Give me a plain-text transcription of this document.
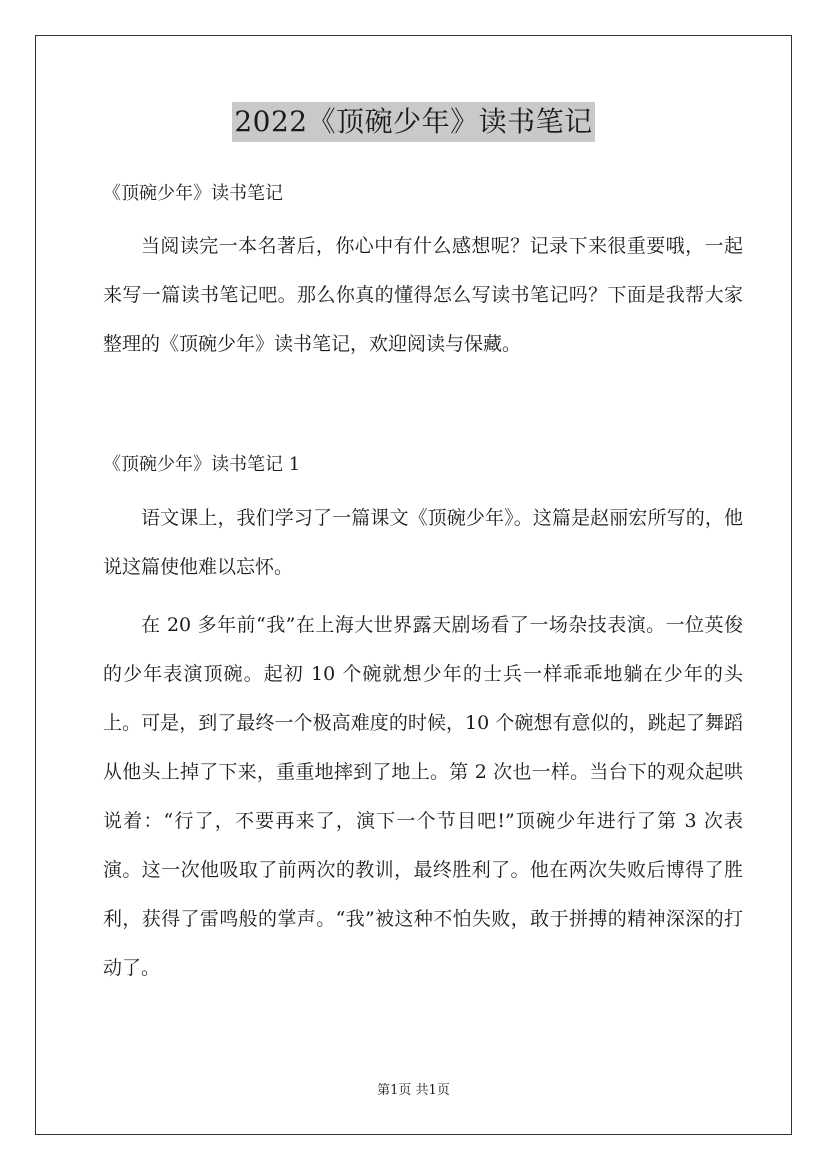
2022《顶碗少年》读书笔记
《顶碗少年》读书笔记
当阅读完一本名著后，你心中有什么感想呢？记录下来很重要哦，一起来写一篇读书笔记吧。那么你真的懂得怎么写读书笔记吗？下面是我帮大家整理的《顶碗少年》读书笔记，欢迎阅读与保藏。
《顶碗少年》读书笔记 1
语文课上，我们学习了一篇课文《顶碗少年》。这篇是赵丽宏所写的，他说这篇使他难以忘怀。
在 20 多年前“我”在上海大世界露天剧场看了一场杂技表演。一位英俊的少年表演顶碗。起初 10 个碗就想少年的士兵一样乖乖地躺在少年的头上。可是，到了最终一个极高难度的时候，10 个碗想有意似的，跳起了舞蹈从他头上掉了下来，重重地摔到了地上。第 2 次也一样。当台下的观众起哄说着：“行了，不要再来了，演下一个节目吧!”顶碗少年进行了第 3 次表演。这一次他吸取了前两次的教训，最终胜利了。他在两次失败后博得了胜利，获得了雷鸣般的掌声。“我”被这种不怕失败，敢于拼搏的精神深深的打动了。
第1页 共1页
